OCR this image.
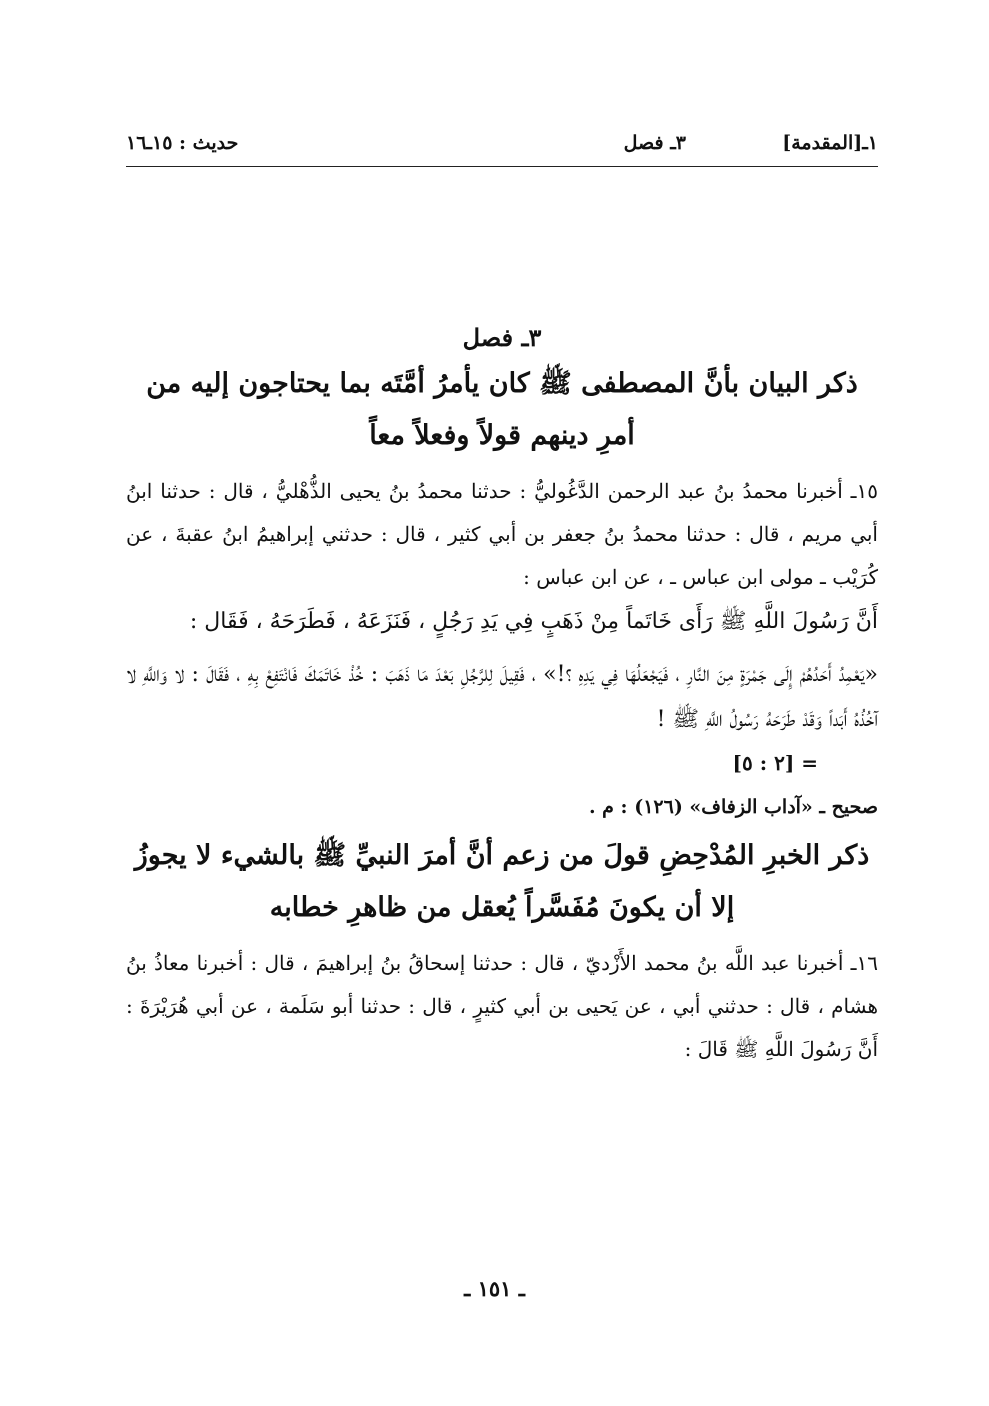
١ـ[المقدمة]
٣ـ فصل
حديث : ١٥ـ١٦

٣ـ فصل

ذكر البيان بأنَّ المصطفى ﷺ كان يأمرُ أمَّتَه بما يحتاجون إليه من أمرِ دينهم قولاً وفعلاً معاً

١٥ـ أخبرنا محمدُ بنُ عبد الرحمن الدَّغُوليُّ : حدثنا محمدُ بنُ يحيى الذُّهْليُّ ، قال : حدثنا ابنُ أبي مريم ، قال : حدثنا محمدُ بنُ جعفر بن أبي كثير ، قال : حدثني إبراهيمُ ابنُ عقبةَ ، عن كُرَيْب ـ مولى ابن عباس ـ ، عن ابن عباس :

أَنَّ رَسُولَ اللَّهِ ﷺ رَأَى خَاتَماً مِنْ ذَهَبٍ فِي يَدِ رَجُلٍ ، فَنَزَعَهُ ، فَطَرَحَهُ ، فَقَال :

«يَعْمِدُ أَحَدُهُمْ إِلَى جَمْرَةٍ مِنَ النَّارِ ، فَيَجْعَلُهَا فِي يَدِهِ ؟!» ، فَقِيلَ لِلرَّجُلِ بَعْدَ مَا ذَهَبَ : خُذْ خَاتَمَكَ فَانْتَفِعْ بِهِ ، فَقَالَ : لا وَاللَّهِ لا آخُذُهُ أَبَداً وَقَدْ طَرَحَهُ رَسُولُ اللَّهِ ﷺ !

= [٢ : ٥]

صحيح ـ «آداب الزفاف» (١٢٦) : م .

ذكر الخبرِ المُدْحِضِ قولَ من زعم أنَّ أمرَ النبيِّ ﷺ بالشيء لا يجوزُ إلا أن يكونَ مُفَسَّراً يُعقل من ظاهرِ خطابه

١٦ـ أخبرنا عبد اللَّه بنُ محمد الأَزْديّ ، قال : حدثنا إسحاقُ بنُ إبراهيمَ ، قال : أخبرنا معاذُ بنُ هشام ، قال : حدثني أبي ، عن يَحيى بن أبي كثيرٍ ، قال : حدثنا أبو سَلَمة ، عن أبي هُرَيْرَةَ : أَنَّ رَسُولَ اللَّهِ ﷺ قَالَ :

ـ ١٥١ ـ
